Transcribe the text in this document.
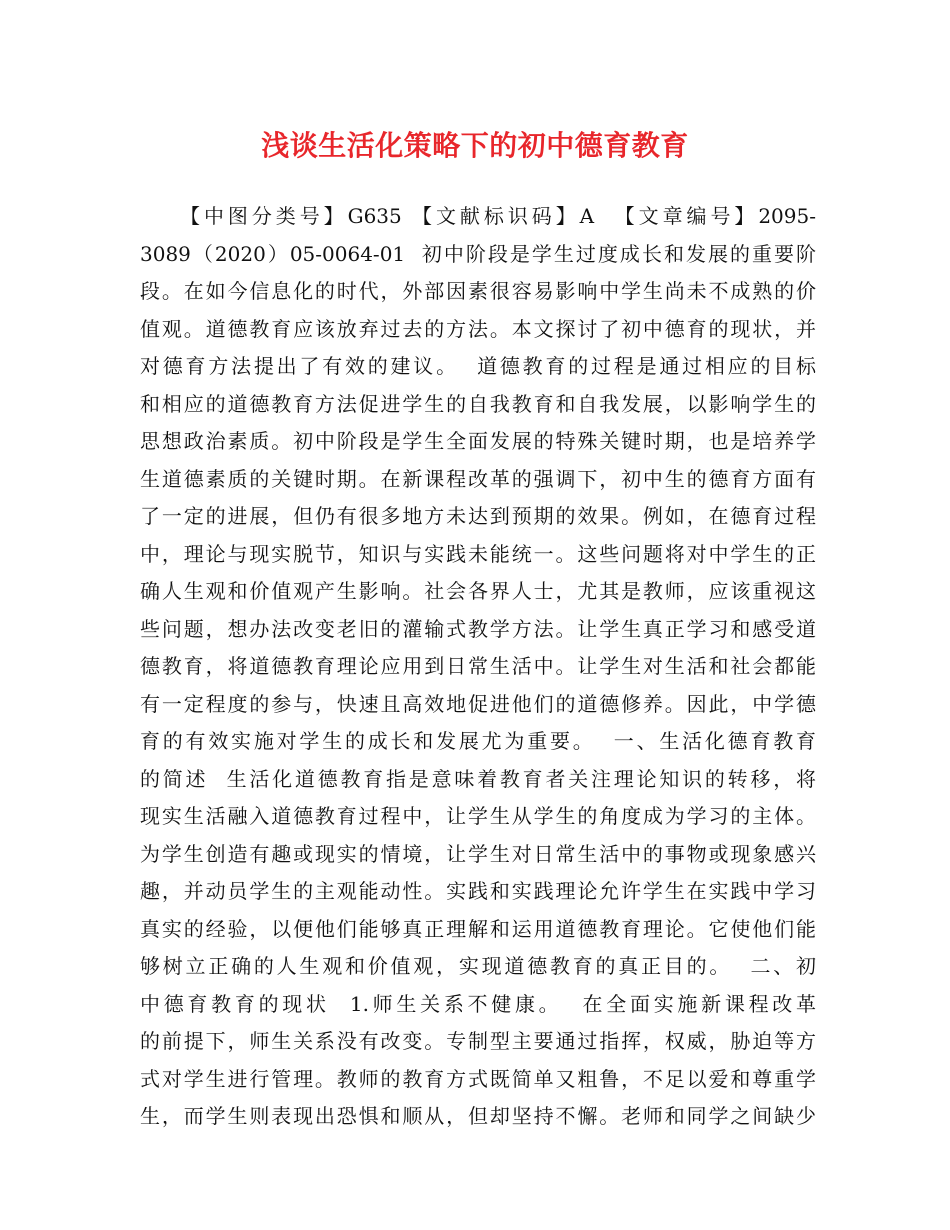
浅谈生活化策略下的初中德育教育
【中图分类号】G635 【文献标识码】A  【文章编号】2095-
3089（2020）05-0064-01  初中阶段是学生过度成长和发展的重要阶
段。在如今信息化的时代，外部因素很容易影响中学生尚未不成熟的价
值观。道德教育应该放弃过去的方法。本文探讨了初中德育的现状，并
对德育方法提出了有效的建议。  道德教育的过程是通过相应的目标
和相应的道德教育方法促进学生的自我教育和自我发展，以影响学生的
思想政治素质。初中阶段是学生全面发展的特殊关键时期，也是培养学
生道德素质的关键时期。在新课程改革的强调下，初中生的德育方面有
了一定的进展，但仍有很多地方未达到预期的效果。例如，在德育过程
中，理论与现实脱节，知识与实践未能统一。这些问题将对中学生的正
确人生观和价值观产生影响。社会各界人士，尤其是教师，应该重视这
些问题，想办法改变老旧的灌输式教学方法。让学生真正学习和感受道
德教育，将道德教育理论应用到日常生活中。让学生对生活和社会都能
有一定程度的参与，快速且高效地促进他们的道德修养。因此，中学德
育的有效实施对学生的成长和发展尤为重要。  一、生活化德育教育
的简述  生活化道德教育指是意味着教育者关注理论知识的转移，将
现实生活融入道德教育过程中，让学生从学生的角度成为学习的主体。
为学生创造有趣或现实的情境，让学生对日常生活中的事物或现象感兴
趣，并动员学生的主观能动性。实践和实践理论允许学生在实践中学习
真实的经验，以便他们能够真正理解和运用道德教育理论。它使他们能
够树立正确的人生观和价值观，实现道德教育的真正目的。  二、初
中德育教育的现状  1.师生关系不健康。  在全面实施新课程改革
的前提下，师生关系没有改变。专制型主要通过指挥，权威，胁迫等方
式对学生进行管理。教师的教育方式既简单又粗鲁，不足以爱和尊重学
生，而学生则表现出恐惧和顺从，但却坚持不懈。老师和同学之间缺少
